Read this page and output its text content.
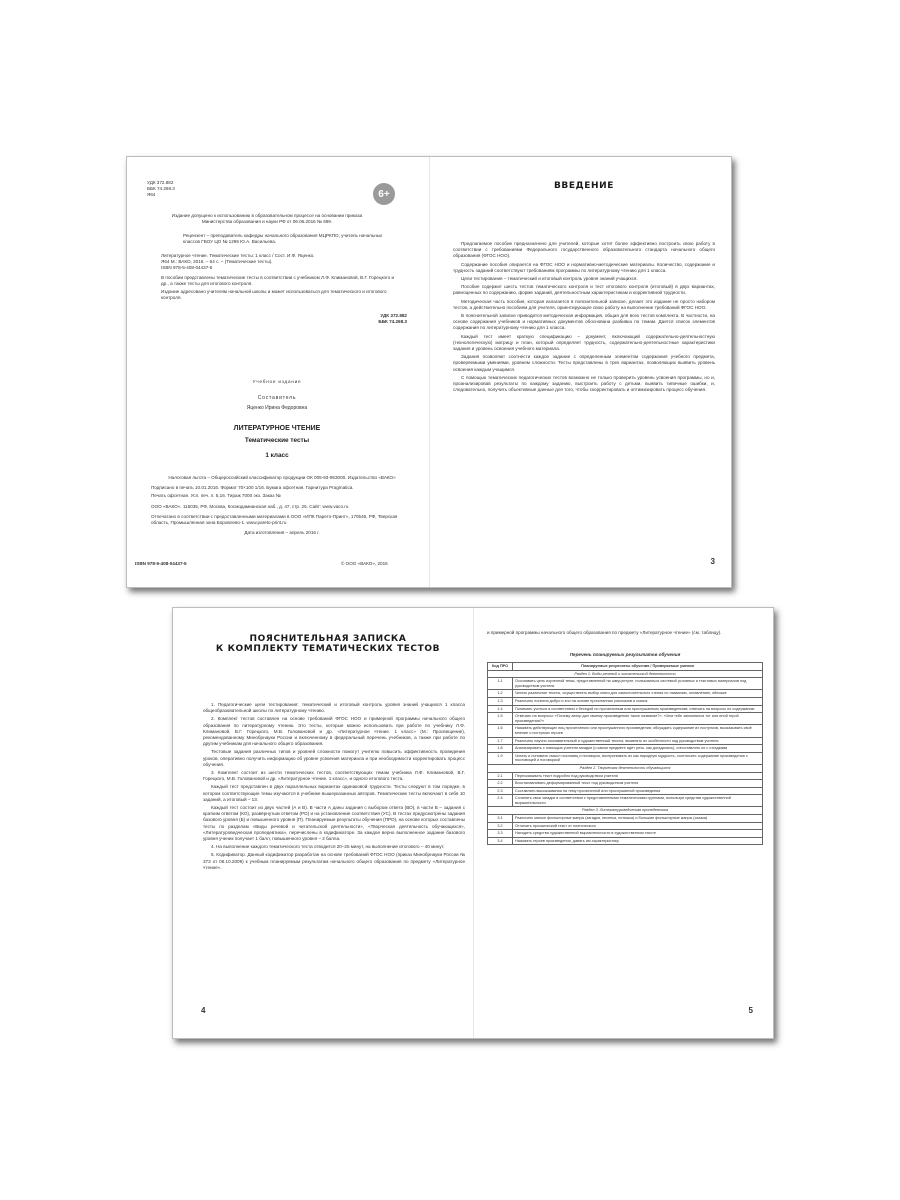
УДК 372.882
ББК 74.268.3
Я64	6+
Издание допущено к использованию в образовательном процессе на основании приказа Министерства образования и науки РФ от 06.06.2016 № 699.
Рецензент – преподаватель кафедры начального образования МЦРКПО, учитель начальных классов ГБОУ ЦО № 1296 Ю.А. Васильева.
Литературное чтение. Тематические тесты: 1 класс / Сост. И.Ф. Яценко.
Я64 М.: ВАКО, 2016. – 64 с. – (Тематические тесты).
ISBN 978-5-408-04437-5

В пособии представлены тематические тесты в соответствии с учебником Л.Ф. Климановой, В.Г. Горецкого и др., а также тесты для итогового контроля.

Издание адресовано учителям начальной школы и может использоваться для тематического и итогового контроля.

УДК 372.882
ББК 74.268.3
Учебное издание
Составитель
Яценко Ирина Федоровна
ЛИТЕРАТУРНОЕ ЧТЕНИЕ
Тематические тесты
1 класс

Налоговая льгота – Общероссийский классификатор продукции ОК 005-93-953000. Издательство «ВАКО»

Подписано в печать 10.01.2016. Формат 70×100 1/16. Бумага офсетная. Гарнитура Pragmatica.

Печать офсетная. Усл. печ. л. 5,16. Тираж 7000 экз. Заказ №

ООО «ВАКО». 115035, РФ, Москва, Космодамианская наб., д. 47, стр. 25. Сайт: www.vaco.ru

Отпечатано в соответствии с предоставленными материалами в ООО «ИПК Парето-Принт», 170546, РФ, Тверская область, Промышленная зона Боровлево-1. www.pareto-print.ru

Дата изготовления – апрель 2016 г.

ISBN 978-5-408-04437-5	© ООО «ВАКО», 2016
ВВЕДЕНИЕ

Предлагаемое пособие предназначено для учителей, которые хотят более эффективно построить свою работу в соответствии с требованиями Федерального государственного образовательного стандарта начального общего образования (ФГОС НОО).

Содержание пособия опирается на ФГОС НОО и нормативно-методические материалы. Количество, содержание и трудность заданий соответствуют требованиям программы по литературному чтению для 1 класса.

Цели тестирования – тематический и итоговый контроль уровня знаний учащихся.

Пособие содержит шесть тестов тематического контроля и тест итогового контроля (итоговый) в двух вариантах, равноценных по содержанию, форме заданий, деятельностным характеристикам и коррективной трудности.

Методическая часть пособия, которая излагается в пояснительной записке, делает это издание не просто набором тестов, а действительно пособием для учителя, ориентирующее свою работу на выполнение требований ФГОС НОО.

В пояснительной записке приводится методическая информация, общая для всех тестов комплекта. В частности, на основе содержания учебников и нормативных документов обоснована разбивка по темам. Дается список элементов содержания по литературному чтению для 1 класса.

Каждый тест имеет краткую спецификацию – документ, включающий содержательно-деятельностную (технологическую) матрицу и план, который определяет трудность, содержательно-деятельностные характеристики задания и уровень освоения учебного материала.

Задания позволяют соотнести каждое задание с определенным элементом содержания учебного предмета, проверяемыми умениями, уровнем сложности. Тесты представлены в трех вариантах, позволяющих выявить уровень освоения каждым учащимся.

С помощью тематических педагогических тестов возможно не только проверить уровень усвоения программы, но и, проанализировав результаты по каждому заданию, выстроить работу с детьми, выявить типичные ошибки, и, следовательно, получить объективные данные для того, чтобы скорректировать и оптимизировать процесс обучения.

3
ПОЯСНИТЕЛЬНАЯ ЗАПИСКА
К КОМПЛЕКТУ ТЕМАТИЧЕСКИХ ТЕСТОВ

1. Педагогические цели тестирования: тематический и итоговый контроль уровня знаний учащихся 1 класса общеобразовательной школы по литературному чтению.

2. Комплект тестов составлен на основе требований ФГОС НОО и примерной программы начального общего образования по литературному чтению. Это тесты, которые можно использовать при работе по учебнику Л.Ф. Климановой, В.Г. Горецкого, М.В. Головановой и др. «Литературное чтение. 1 класс» (М.: Просвещение), рекомендованному Минобрнауки России и включенному в федеральный перечень учебников, а также при работе по другим учебникам для начального общего образования.

Тестовые задания различных типов и уровней сложности помогут учителю повысить эффективность проведения уроков, оперативно получить информацию об уровне усвоения материала и при необходимости корректировать процесс обучения.

3. Комплект состоит из шести тематических тестов, соответствующих темам учебника Л.Ф. Климановой, В.Г. Горецкого, М.В. Головановой и др. «Литературное чтение. 1 класс», и одного итогового теста.

Каждый тест представлен в двух параллельных вариантах одинаковой трудности. Тесты следуют в том порядке, в котором соответствующие темы изучаются в учебнике вышеуказанных авторов. Тематические тесты включают в себя 10 заданий, а итоговый – 13.

Каждый тест состоит из двух частей (А и В). В части А даны задания с выбором ответа (ВО), в части В – задания с кратким ответом (КО), развёрнутым ответом (РО) и на установление соответствия (УС). В тестах предусмотрены задания базового уровня (Б) и повышенного уровня (П). Планируемые результаты обучения (ПРО), на основе которых составлены тесты по разделам «Виды речевой и читательской деятельности», «Творческая деятельность обучающихся», «Литературоведческая пропедевтика», перечислены в кодификаторе. За каждое верно выполненное задание базового уровня ученик получает 1 балл, повышенного уровня – 2 балла.

4. На выполнение каждого тематического теста отводится 20–25 минут, на выполнение итогового – 40 минут.

5. Кодификатор. Данный кодификатор разработан на основе требований ФГОС НОО (приказ Минобрнауки России № 373 от 06.10.2009) к учебным планируемым результатам начального общего образования по предмету «Литературное чтение».

4
и примерной программы начального общего образования по предмету «Литературное чтение» (см. таблицу).
Перечень планируемых результатов обучения
Код ПРО	Планируемые результаты обучения / Проверяемые умения
Раздел 1. Виды речевой и читательской деятельности	
1.1	Осознавать цель изученной темы, представленной на шмуцтитуле, пользоваться системой условных и текстовых материалов под руководством учителя
1.2	Читать различные тексты, осуществлять выбор книги для самостоятельного чтения по названию, оглавлению, обложке
1.3	Различать понятия добро и зло на основе прочитанных рассказов и сказок
1.4	Понимать учиться в соответствии с беседой по прочитанным или прослушанным произведениям; отвечать на вопросы по содержанию
1.5	Отвечать на вопросы: «Почему автор дал своему произведению такое название?», «Чем тебе запомнился тот или иной герой произведения?»
1.6	Называть действующих лиц прочитанного или прослушанного произведения; обсуждать содержание их поступков, высказывать своё мнение о поступках героев
1.7	Различать научно-познавательный и художественный тексты; выявлять их особенности под руководством учителя
1.8	Анализировать с помощью учителя загадки (о каком предмете идёт речь, как догадались), сопоставлять их с отгадками
1.9	Читать и понимать смысл пословиц и поговорок, воспринимать их как народную мудрость, соотносить содержание произведения с пословицей и поговоркой
Раздел 2. Творческая деятельность обучающихся	
2.1	Пересказывать текст подробно под руководством учителя
2.2	Восстанавливать деформированный текст под руководством учителя
2.3	Составлять высказывания на тему прочитанной или прослушанной произведения
2.4	Сочинять свои загадки в соответствии с представленными тематическими группами, используя средства художественной выразительности
Раздел 3. Литературоведческая пропедевтика	
3.1	Различать малые фольклорные жанры (загадка, песенка, потешка) и большие фольклорные жанры (сказка)
3.2	Отличать прозаический текст от поэтического
3.3	Находить средства художественной выразительности в художественном тексте
3.4	Называть героев произведения, давать им характеристику
5
